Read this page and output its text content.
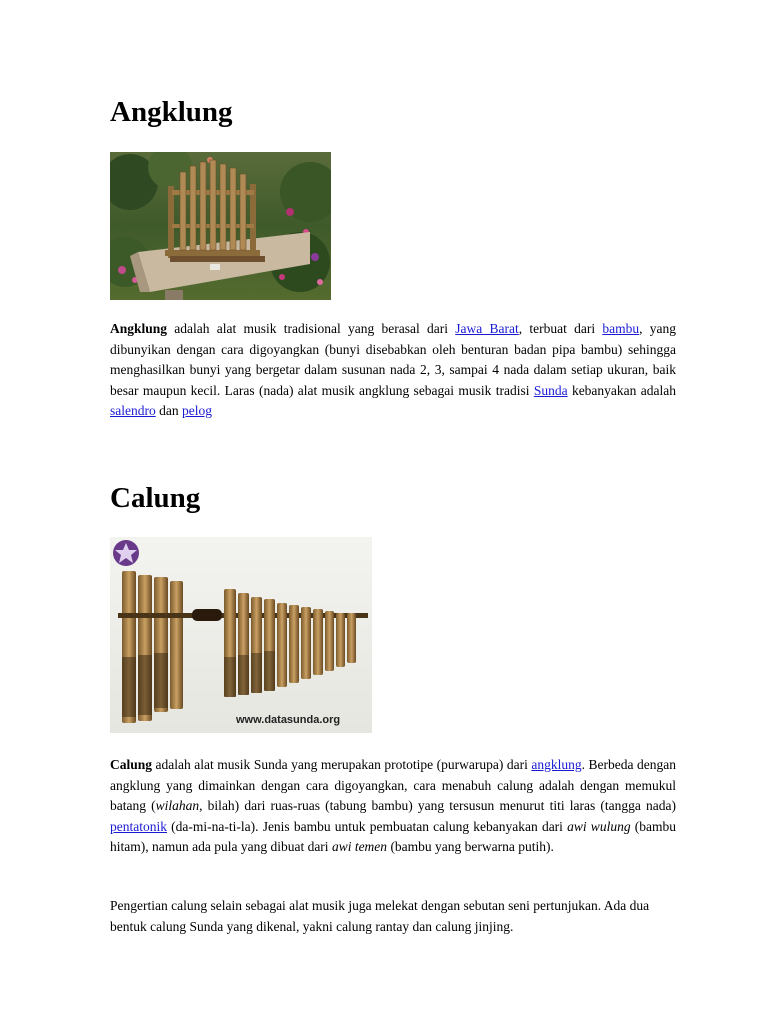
Angklung

Angklung adalah alat musik tradisional yang berasal dari Jawa Barat, terbuat dari bambu, yang dibunyikan dengan cara digoyangkan (bunyi disebabkan oleh benturan badan pipa bambu) sehingga menghasilkan bunyi yang bergetar dalam susunan nada 2, 3, sampai 4 nada dalam setiap ukuran, baik besar maupun kecil. Laras (nada) alat musik angklung sebagai musik tradisi Sunda kebanyakan adalah salendro dan pelog

Calung
www.datasunda.org

Calung adalah alat musik Sunda yang merupakan prototipe (purwarupa) dari angklung. Berbeda dengan angklung yang dimainkan dengan cara digoyangkan, cara menabuh calung adalah dengan memukul batang (wilahan, bilah) dari ruas-ruas (tabung bambu) yang tersusun menurut titi laras (tangga nada) pentatonik (da-mi-na-ti-la). Jenis bambu untuk pembuatan calung kebanyakan dari awi wulung (bambu hitam), namun ada pula yang dibuat dari awi temen (bambu yang berwarna putih).

Pengertian calung selain sebagai alat musik juga melekat dengan sebutan seni pertunjukan. Ada dua bentuk calung Sunda yang dikenal, yakni calung rantay dan calung jinjing.
